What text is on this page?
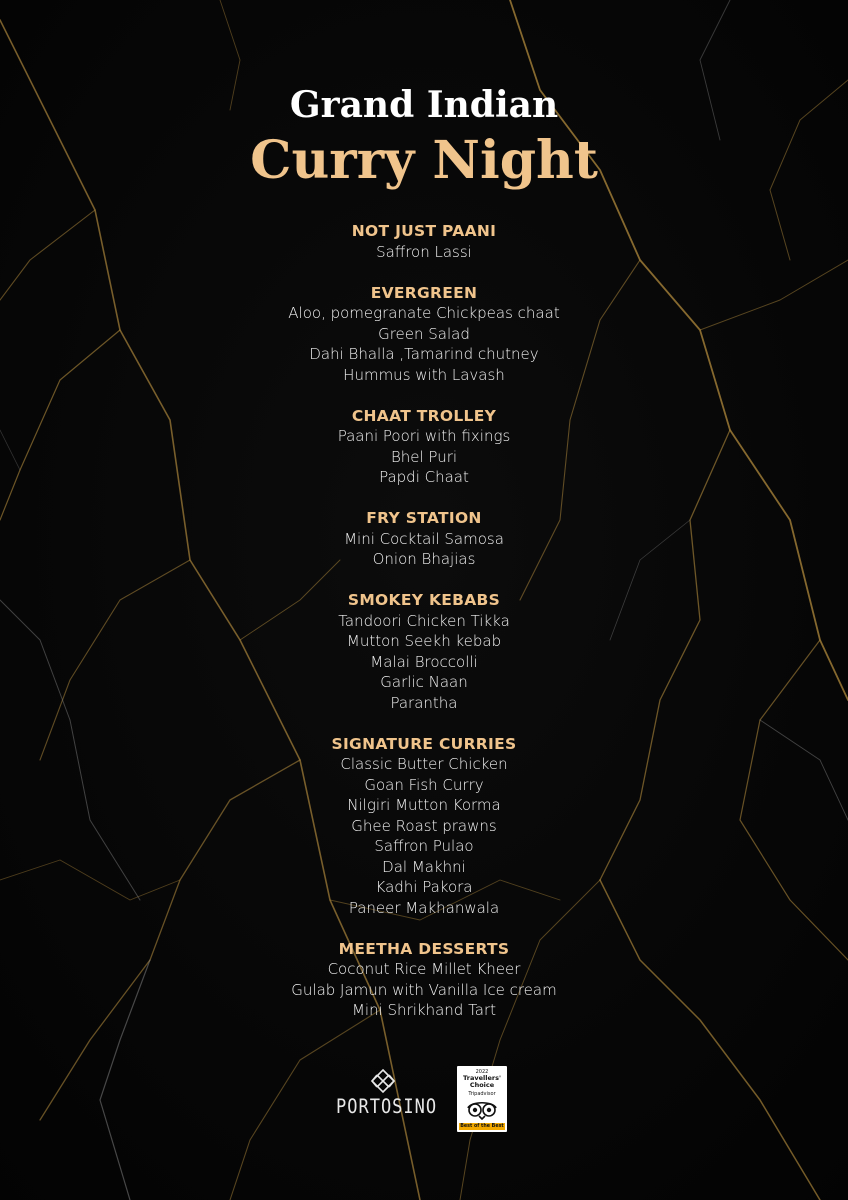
Grand Indian
Curry Night
NOT JUST PAANI
Saffron Lassi
EVERGREEN
Aloo, pomegranate Chickpeas chaat
Green Salad
Dahi Bhalla ,Tamarind chutney
Hummus with Lavash
CHAAT TROLLEY
Paani Poori with fixings
Bhel Puri
Papdi Chaat
FRY STATION
Mini Cocktail Samosa
Onion Bhajias
SMOKEY KEBABS
Tandoori Chicken Tikka
Mutton Seekh kebab
Malai Broccolli
Garlic Naan
Parantha
SIGNATURE CURRIES
Classic Butter Chicken
Goan Fish Curry
Nilgiri Mutton Korma
Ghee Roast prawns
Saffron Pulao
Dal Makhni
Kadhi Pakora
Paneer Makhanwala
MEETHA DESSERTS
Coconut Rice Millet Kheer
Gulab Jamun with Vanilla Ice cream
Mini Shrikhand Tart
PORTOSINO
2022
Travellers'
Choice
Tripadvisor
Best of the Best
